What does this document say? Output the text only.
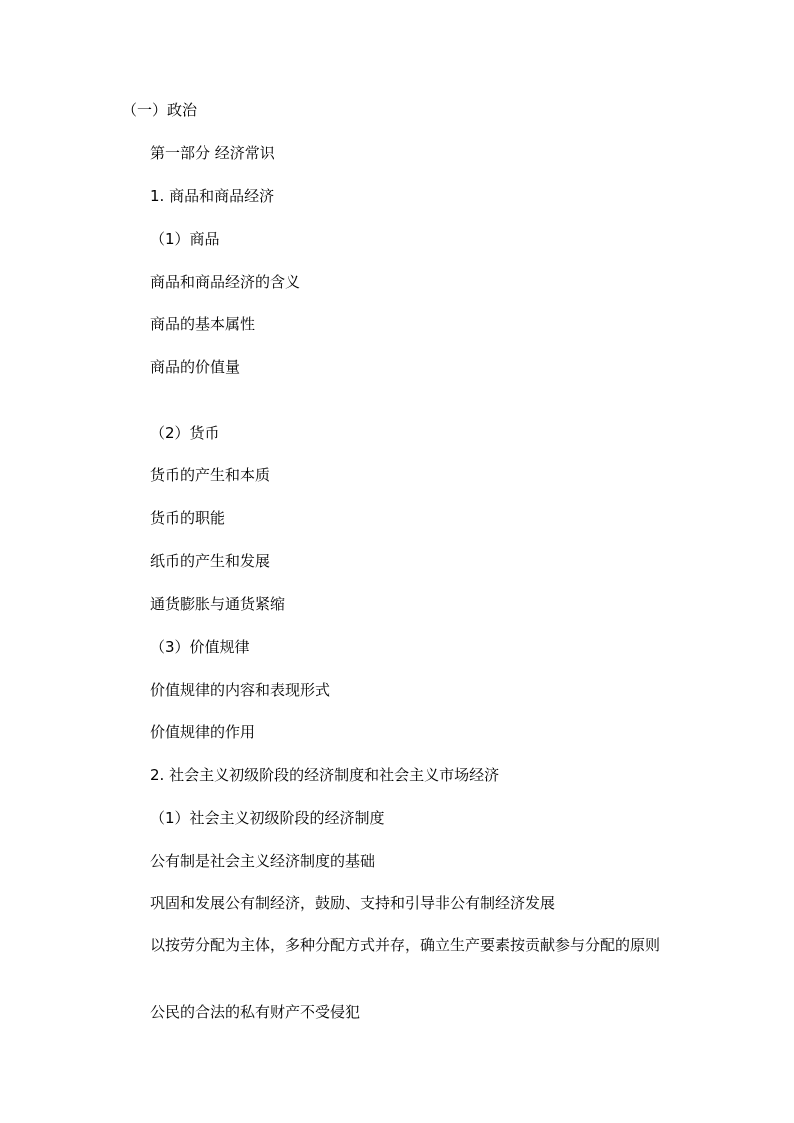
（一）政治
第一部分 经济常识
1. 商品和商品经济
（1）商品
商品和商品经济的含义
商品的基本属性
商品的价值量
（2）货币
货币的产生和本质
货币的职能
纸币的产生和发展
通货膨胀与通货紧缩
（3）价值规律
价值规律的内容和表现形式
价值规律的作用
2. 社会主义初级阶段的经济制度和社会主义市场经济
（1）社会主义初级阶段的经济制度
公有制是社会主义经济制度的基础
巩固和发展公有制经济，鼓励、支持和引导非公有制经济发展
以按劳分配为主体，多种分配方式并存，确立生产要素按贡献参与分配的原则
公民的合法的私有财产不受侵犯
